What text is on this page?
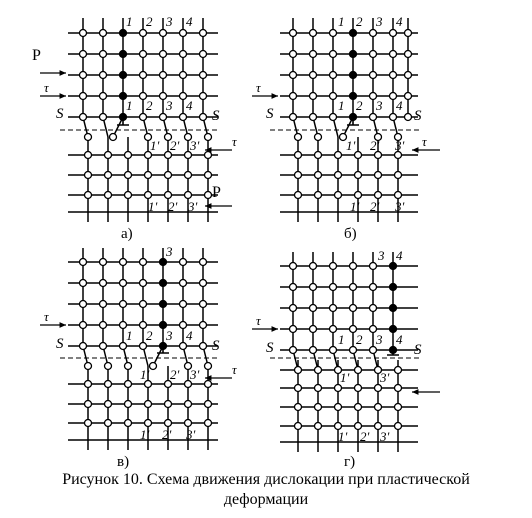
P
τ
S	S
τ
P
1 2 3 4
1 2 3 4
1' 2' 3'
1' 2' 3'
а)
τ
S	S
τ
1 2 3 4
1 2 3 4
1' 2' 3'
1' 2' 3'
б)
τ
S	S
τ
3
1 2 3 4
1' 2' 3'
1' 2' 3'
в)
τ
S	S
3 4
1 2 3 4
1' 3'
1' 2' 3'
г)
Рисунок 10. Схема движения дислокации при пластической
деформации
